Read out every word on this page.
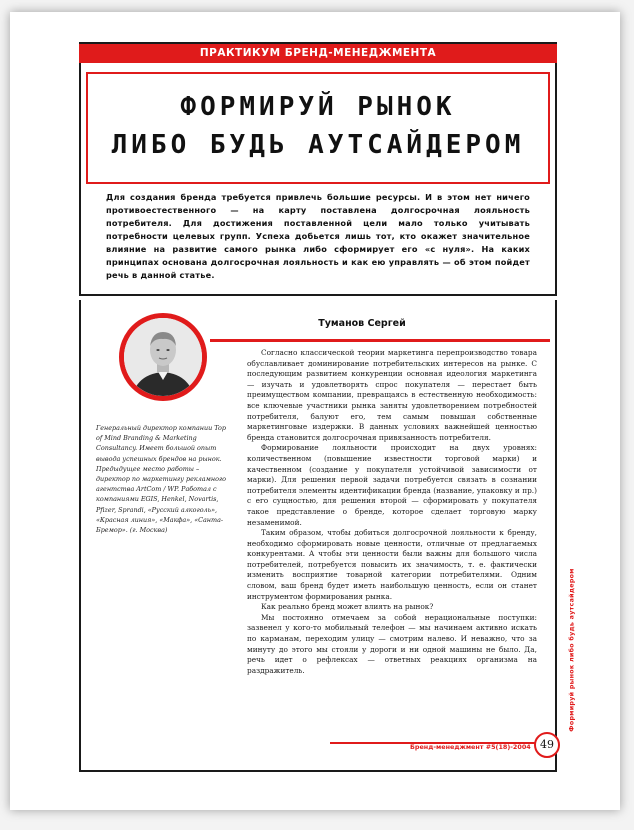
ПРАКТИКУМ БРЕНД-МЕНЕДЖМЕНТА
ФОРМИРУЙ РЫНОК
ЛИБО БУДЬ АУТСАЙДЕРОМ
Для создания бренда требуется привлечь большие ресурсы. И в этом нет ничего противоестественного — на карту поставлена долгосрочная лояльность потребителя. Для достижения поставленной цели мало только учитывать потребности целевых групп. Успеха добьется лишь тот, кто окажет значительное влияние на развитие самого рынка либо сформирует его «с нуля». На каких принципах основана долгосрочная лояльность и как ею управлять — об этом пойдет речь в данной статье.
Туманов Сергей
Генеральный директор компании Top of Mind Branding & Marketing Consultancy. Имеет большой опыт вывода успешных брендов на рынок. Предыдущее место работы – директор по маркетингу рекламного агентства ArtCom / WP. Работал с компаниями EGIS, Henkel, Novartis, Pfizer, Sprandi, «Русский алкоголь», «Красная линия», «Макфа», «Санта-Бремор». (г. Москва)

Согласно классической теории маркетинга перепроизводство товара обуславливает доминирование потребительских интересов на рынке. С последующим развитием конкуренции основная идеология маркетинга — изучать и удовлетворять спрос покупателя — перестает быть преимуществом компании, превращаясь в естественную необходимость: все ключевые участники рынка заняты удовлетворением потребностей потребителя, балуют его, тем самым повышая собственные маркетинговые издержки. В данных условиях важнейшей ценностью бренда становится долгосрочная привязанность потребителя.

Формирование лояльности происходит на двух уровнях: количественном (повышение известности торговой марки) и качественном (создание у покупателя устойчивой зависимости от марки). Для решения первой задачи потребуется связать в сознании потребителя элементы идентификации бренда (название, упаковку и пр.) с его сущностью, для решения второй — сформировать у покупателя такое представление о бренде, которое сделает торговую марку незаменимой.

Таким образом, чтобы добиться долгосрочной лояльности к бренду, необходимо сформировать новые ценности, отличные от предлагаемых конкурентами. А чтобы эти ценности были важны для большого числа потребителей, потребуется повысить их значимость, т. е. фактически изменить восприятие товарной категории потребителями. Одним словом, ваш бренд будет иметь наибольшую ценность, если он станет инструментом формирования рынка.

Как реально бренд может влиять на рынок?

Мы постоянно отмечаем за собой нерациональные поступки: зазвенел у кого-то мобильный телефон — мы начинаем активно искать по карманам, переходим улицу — смотрим налево. И неважно, что за минуту до этого мы стояли у дороги и ни одной машины не было. Да, речь идет о рефлексах — ответных реакциях организма на раздражитель.	Формируй рынок либо будь аутсайдером
Бренд-менеджмент #5(18)-2004 49
